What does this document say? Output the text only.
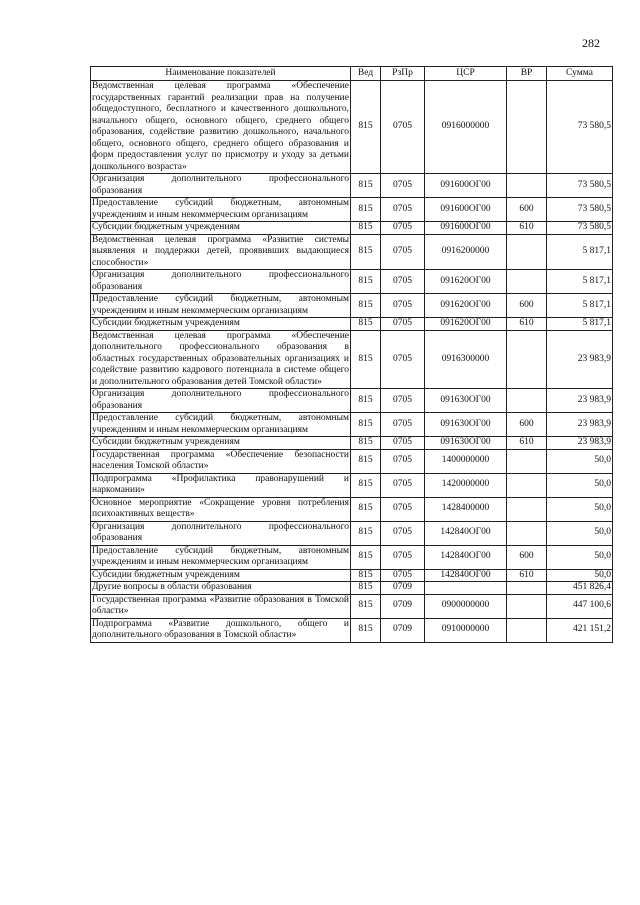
282
Наименование показателей	Вед	РзПр	ЦСР	ВР	Сумма
Ведомственная целевая программа «Обеспечение государственных гарантий реализации прав на получение общедоступного, бесплатного и качественного дошкольного, начального общего, основного общего, среднего общего образования, содействие развитию дошкольного, начального общего, основного общего, среднего общего образования и форм предоставления услуг по присмотру и уходу за детьми дошкольного возраста»	815	0705	0916000000		73 580,5
Организация дополнительного профессионального образования	815	0705	091600ОГ00		73 580,5
Предоставление субсидий бюджетным, автономным учреждениям и иным некоммерческим организациям	815	0705	091600ОГ00	600	73 580,5
Субсидии бюджетным учреждениям	815	0705	091600ОГ00	610	73 580,5
Ведомственная целевая программа «Развитие системы выявления и поддержки детей, проявивших выдающиеся способности»	815	0705	0916200000		5 817,1
Организация дополнительного профессионального образования	815	0705	091620ОГ00		5 817,1
Предоставление субсидий бюджетным, автономным учреждениям и иным некоммерческим организациям	815	0705	091620ОГ00	600	5 817,1
Субсидии бюджетным учреждениям	815	0705	091620ОГ00	610	5 817,1
Ведомственная целевая программа «Обеспечение дополнительного профессионального образования в областных государственных образовательных организациях и содействие развитию кадрового потенциала в системе общего и дополнительного образования детей Томской области»	815	0705	0916300000		23 983,9
Организация дополнительного профессионального образования	815	0705	091630ОГ00		23 983,9
Предоставление субсидий бюджетным, автономным учреждениям и иным некоммерческим организациям	815	0705	091630ОГ00	600	23 983,9
Субсидии бюджетным учреждениям	815	0705	091630ОГ00	610	23 983,9
Государственная программа «Обеспечение безопасности населения Томской области»	815	0705	1400000000		50,0
Подпрограмма «Профилактика правонарушений и наркомании»	815	0705	1420000000		50,0
Основное мероприятие «Сокращение уровня потребления психоактивных веществ»	815	0705	1428400000		50,0
Организация дополнительного профессионального образования	815	0705	142840ОГ00		50,0
Предоставление субсидий бюджетным, автономным учреждениям и иным некоммерческим организациям	815	0705	142840ОГ00	600	50,0
Субсидии бюджетным учреждениям	815	0705	142840ОГ00	610	50,0
Другие вопросы в области образования	815	0709			451 826,4
Государственная программа «Развитие образования в Томской области»	815	0709	0900000000		447 100,6
Подпрограмма «Развитие дошкольного, общего и дополнительного образования в Томской области»	815	0709	0910000000		421 151,2
